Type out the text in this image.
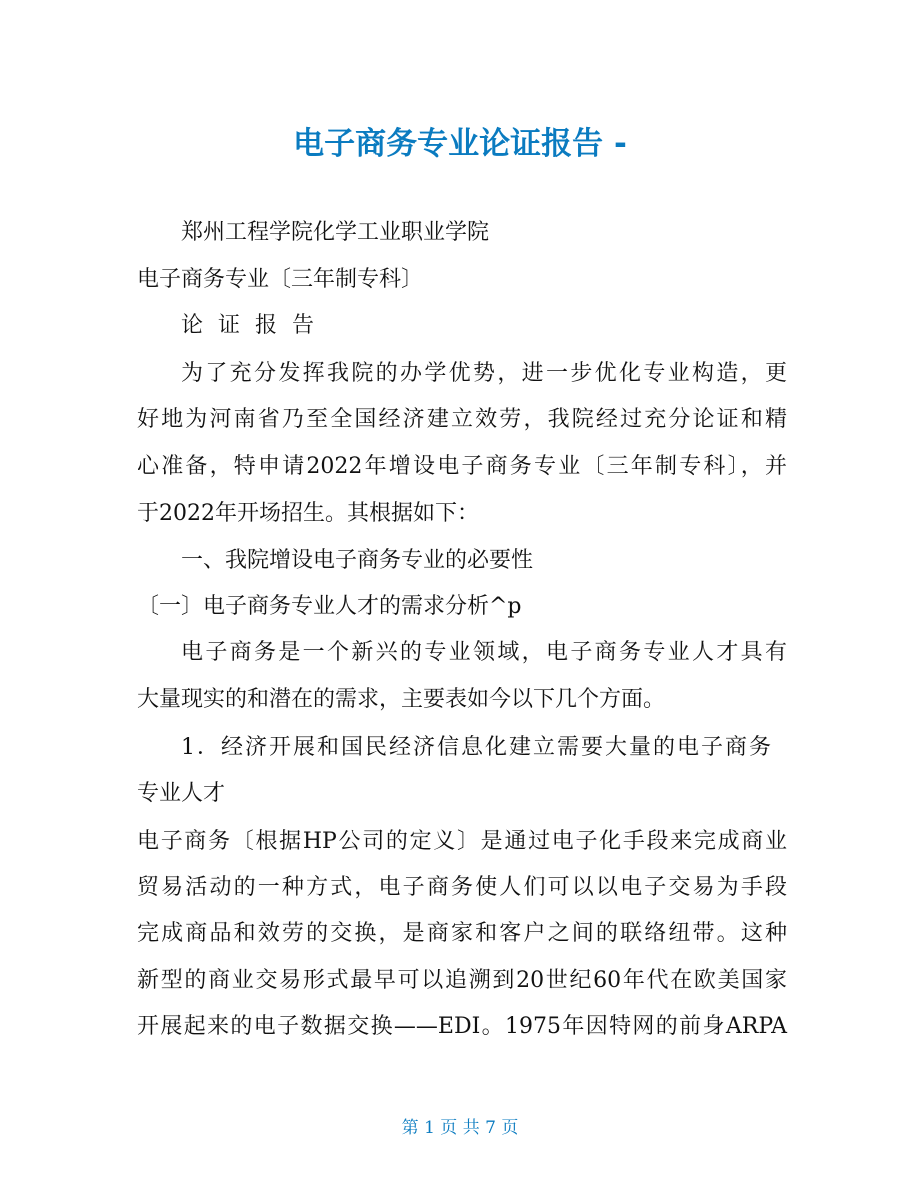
电子商务专业论证报告 -
郑州工程学院化学工业职业学院
电子商务专业〔三年制专科〕
论 证 报 告
为了充分发挥我院的办学优势，进一步优化专业构造，更
好地为河南省乃至全国经济建立效劳，我院经过充分论证和精
心准备，特申请2022年增设电子商务专业〔三年制专科〕，并
于2022年开场招生。其根据如下：
一、我院增设电子商务专业的必要性
〔一〕电子商务专业人才的需求分析^p
电子商务是一个新兴的专业领域，电子商务专业人才具有
大量现实的和潜在的需求，主要表如今以下几个方面。
1．经济开展和国民经济信息化建立需要大量的电子商务
专业人才
电子商务〔根据HP公司的定义〕是通过电子化手段来完成商业
贸易活动的一种方式，电子商务使人们可以以电子交易为手段
完成商品和效劳的交换，是商家和客户之间的联络纽带。这种
新型的商业交易形式最早可以追溯到20世纪60年代在欧美国家
开展起来的电子数据交换——EDI。1975年因特网的前身ARPA
第 1 页 共 7 页
